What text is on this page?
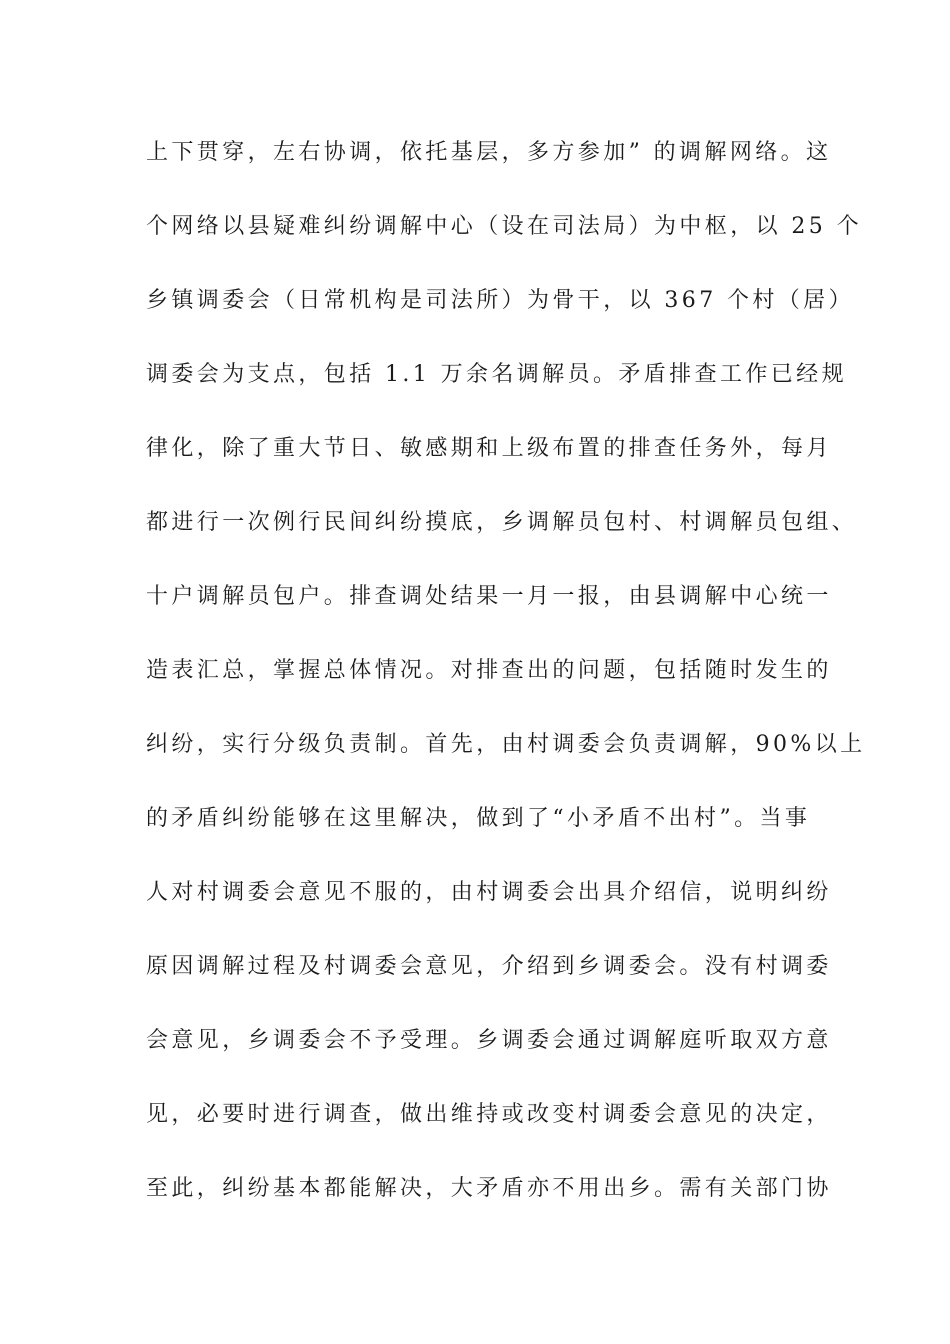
上下贯穿，左右协调，依托基层，多方参加” 的调解网络。这
个网络以县疑难纠纷调解中心（设在司法局）为中枢，以 25 个
乡镇调委会（日常机构是司法所）为骨干，以 367 个村（居）
调委会为支点，包括 1.1 万余名调解员。矛盾排查工作已经规
律化，除了重大节日、敏感期和上级布置的排查任务外，每月
都进行一次例行民间纠纷摸底，乡调解员包村、村调解员包组、
十户调解员包户。排查调处结果一月一报，由县调解中心统一
造表汇总，掌握总体情况。对排查出的问题，包括随时发生的
纠纷，实行分级负责制。首先，由村调委会负责调解，90%以上
的矛盾纠纷能够在这里解决，做到了“小矛盾不出村”。当事
人对村调委会意见不服的，由村调委会出具介绍信，说明纠纷
原因调解过程及村调委会意见，介绍到乡调委会。没有村调委
会意见，乡调委会不予受理。乡调委会通过调解庭听取双方意
见，必要时进行调查，做出维持或改变村调委会意见的决定，
至此，纠纷基本都能解决，大矛盾亦不用出乡。需有关部门协
